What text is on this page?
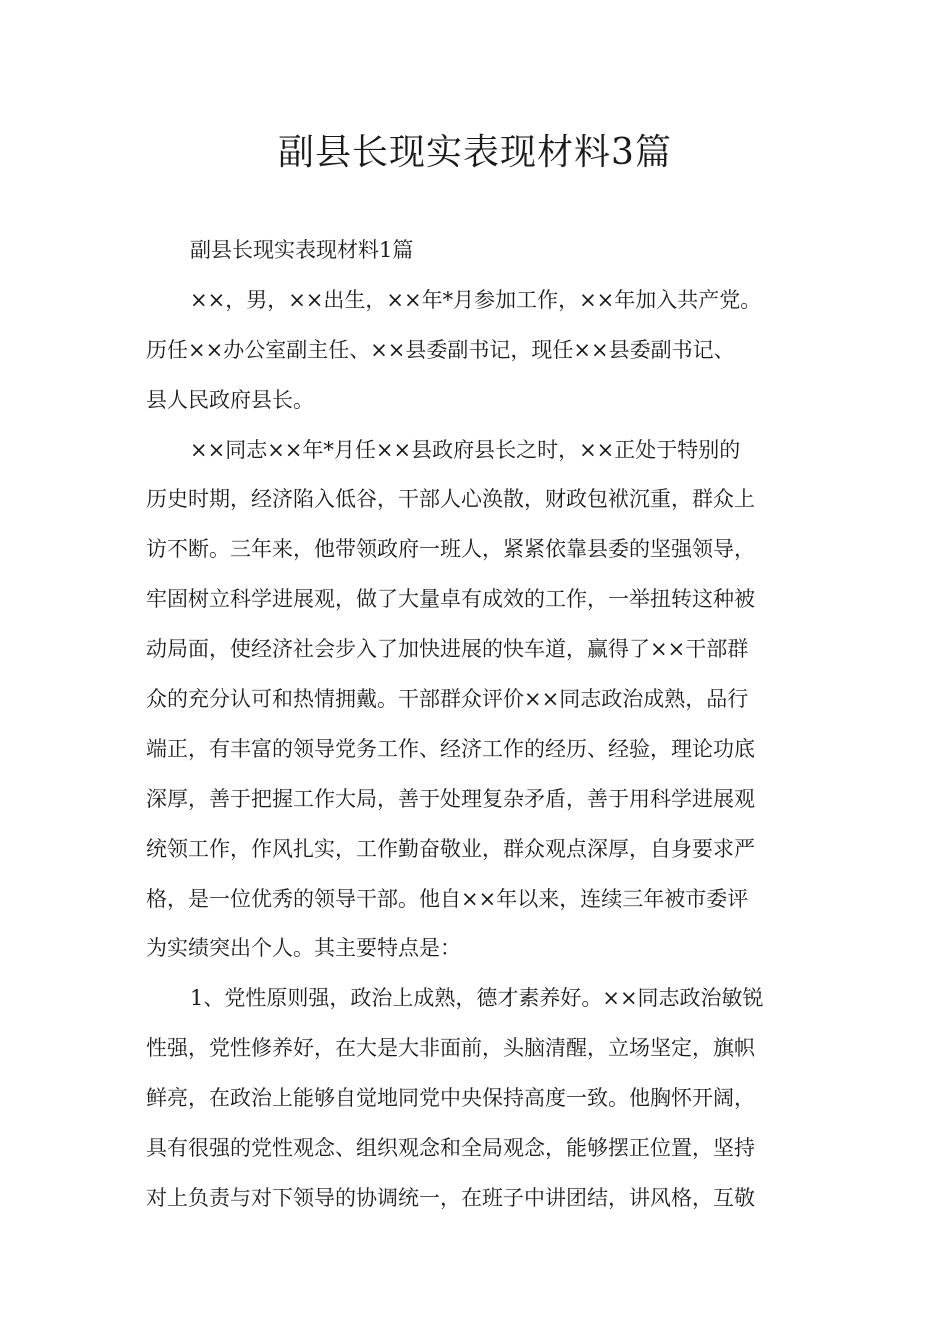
副县长现实表现材料3篇
副县长现实表现材料1篇
××，男，××出生，××年*月参加工作，××年加入共产党。
历任××办公室副主任、××县委副书记，现任××县委副书记、
县人民政府县长。
××同志××年*月任××县政府县长之时，××正处于特别的
历史时期，经济陷入低谷，干部人心涣散，财政包袱沉重，群众上
访不断。三年来，他带领政府一班人，紧紧依靠县委的坚强领导，
牢固树立科学进展观，做了大量卓有成效的工作，一举扭转这种被
动局面，使经济社会步入了加快进展的快车道，赢得了××干部群
众的充分认可和热情拥戴。干部群众评价××同志政治成熟，品行
端正，有丰富的领导党务工作、经济工作的经历、经验，理论功底
深厚，善于把握工作大局，善于处理复杂矛盾，善于用科学进展观
统领工作，作风扎实，工作勤奋敬业，群众观点深厚，自身要求严
格，是一位优秀的领导干部。他自××年以来，连续三年被市委评
为实绩突出个人。其主要特点是：
1、党性原则强，政治上成熟，德才素养好。××同志政治敏锐
性强，党性修养好，在大是大非面前，头脑清醒，立场坚定，旗帜
鲜亮，在政治上能够自觉地同党中央保持高度一致。他胸怀开阔，
具有很强的党性观念、组织观念和全局观念，能够摆正位置，坚持
对上负责与对下领导的协调统一，在班子中讲团结，讲风格，互敬
